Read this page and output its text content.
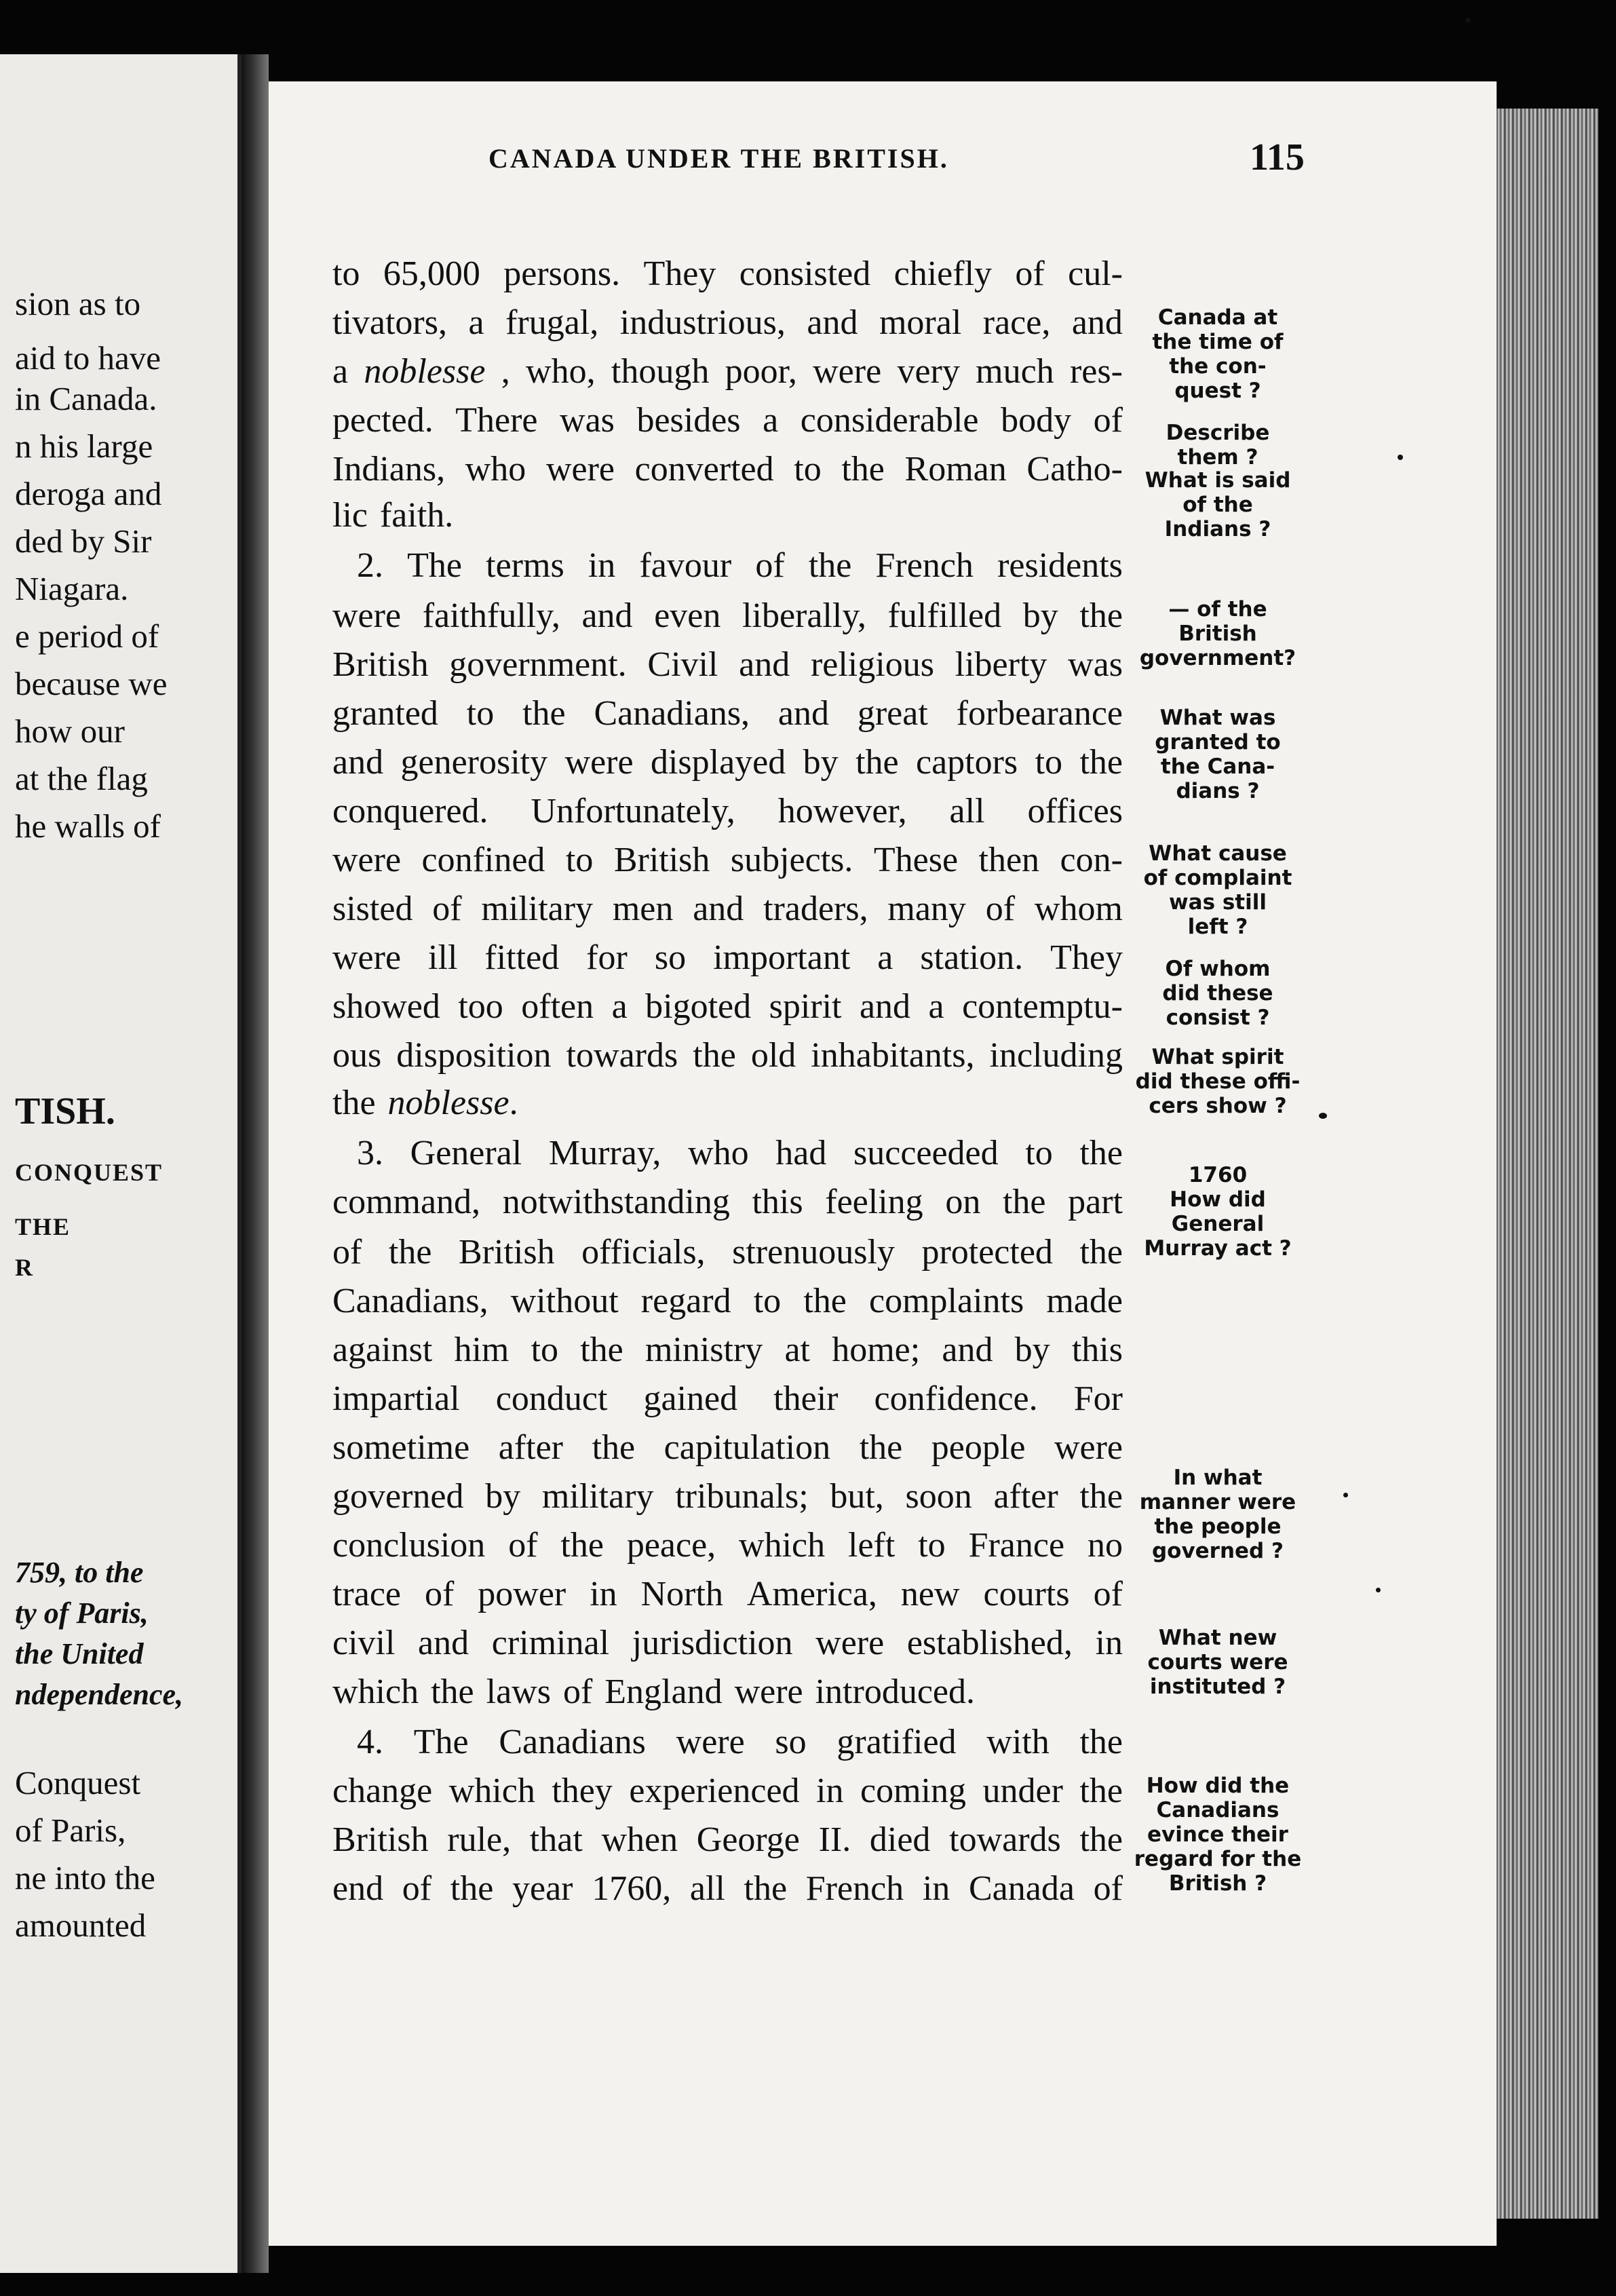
sion as to
aid to have
in Canada.
n his large
deroga and
ded by Sir
Niagara.
e period of
because we
how our
at the flag
he walls of
TISH.
CONQUEST
THE
R
759, to the
ty of Paris,
the United
ndependence,
Conquest
of Paris,
ne into the
amounted
CANADA UNDER THE BRITISH.	115
to 65,000 persons. They consisted chiefly of cul-
tivators, a frugal, industrious, and moral race, and
a noblesse , who, though poor, were very much res-
pected. There was besides a considerable body of
Indians, who were converted to the Roman Catho-
lic faith.
2. The terms in favour of the French residents
were faithfully, and even liberally, fulfilled by the
British government. Civil and religious liberty was
granted to the Canadians, and great forbearance
and generosity were displayed by the captors to the
conquered. Unfortunately, however, all offices
were confined to British subjects. These then con-
sisted of military men and traders, many of whom
were ill fitted for so important a station. They
showed too often a bigoted spirit and a contemptu-
ous disposition towards the old inhabitants, including
the noblesse .
3. General Murray, who had succeeded to the
command, notwithstanding this feeling on the part
of the British officials, strenuously protected the
Canadians, without regard to the complaints made
against him to the ministry at home; and by this
impartial conduct gained their confidence. For
sometime after the capitulation the people were
governed by military tribunals; but, soon after the
conclusion of the peace, which left to France no
trace of power in North America, new courts of
civil and criminal jurisdiction were established, in
which the laws of England were introduced.
4. The Canadians were so gratified with the
change which they experienced in coming under the
British rule, that when George II. died towards the
end of the year 1760, all the French in Canada of
Canada at
the time of
the con-
quest ?
Describe
them ?
What is said
of the
Indians ?
— of the
British
government?
What was
granted to
the Cana-
dians ?
What cause
of complaint
was still
left ?
Of whom
did these
consist ?
What spirit
did these offi-
cers show ?
1760
How did
General
Murray act ?
In what
manner were
the people
governed ?
What new
courts were
instituted ?
How did the
Canadians
evince their
regard for the
British ?
